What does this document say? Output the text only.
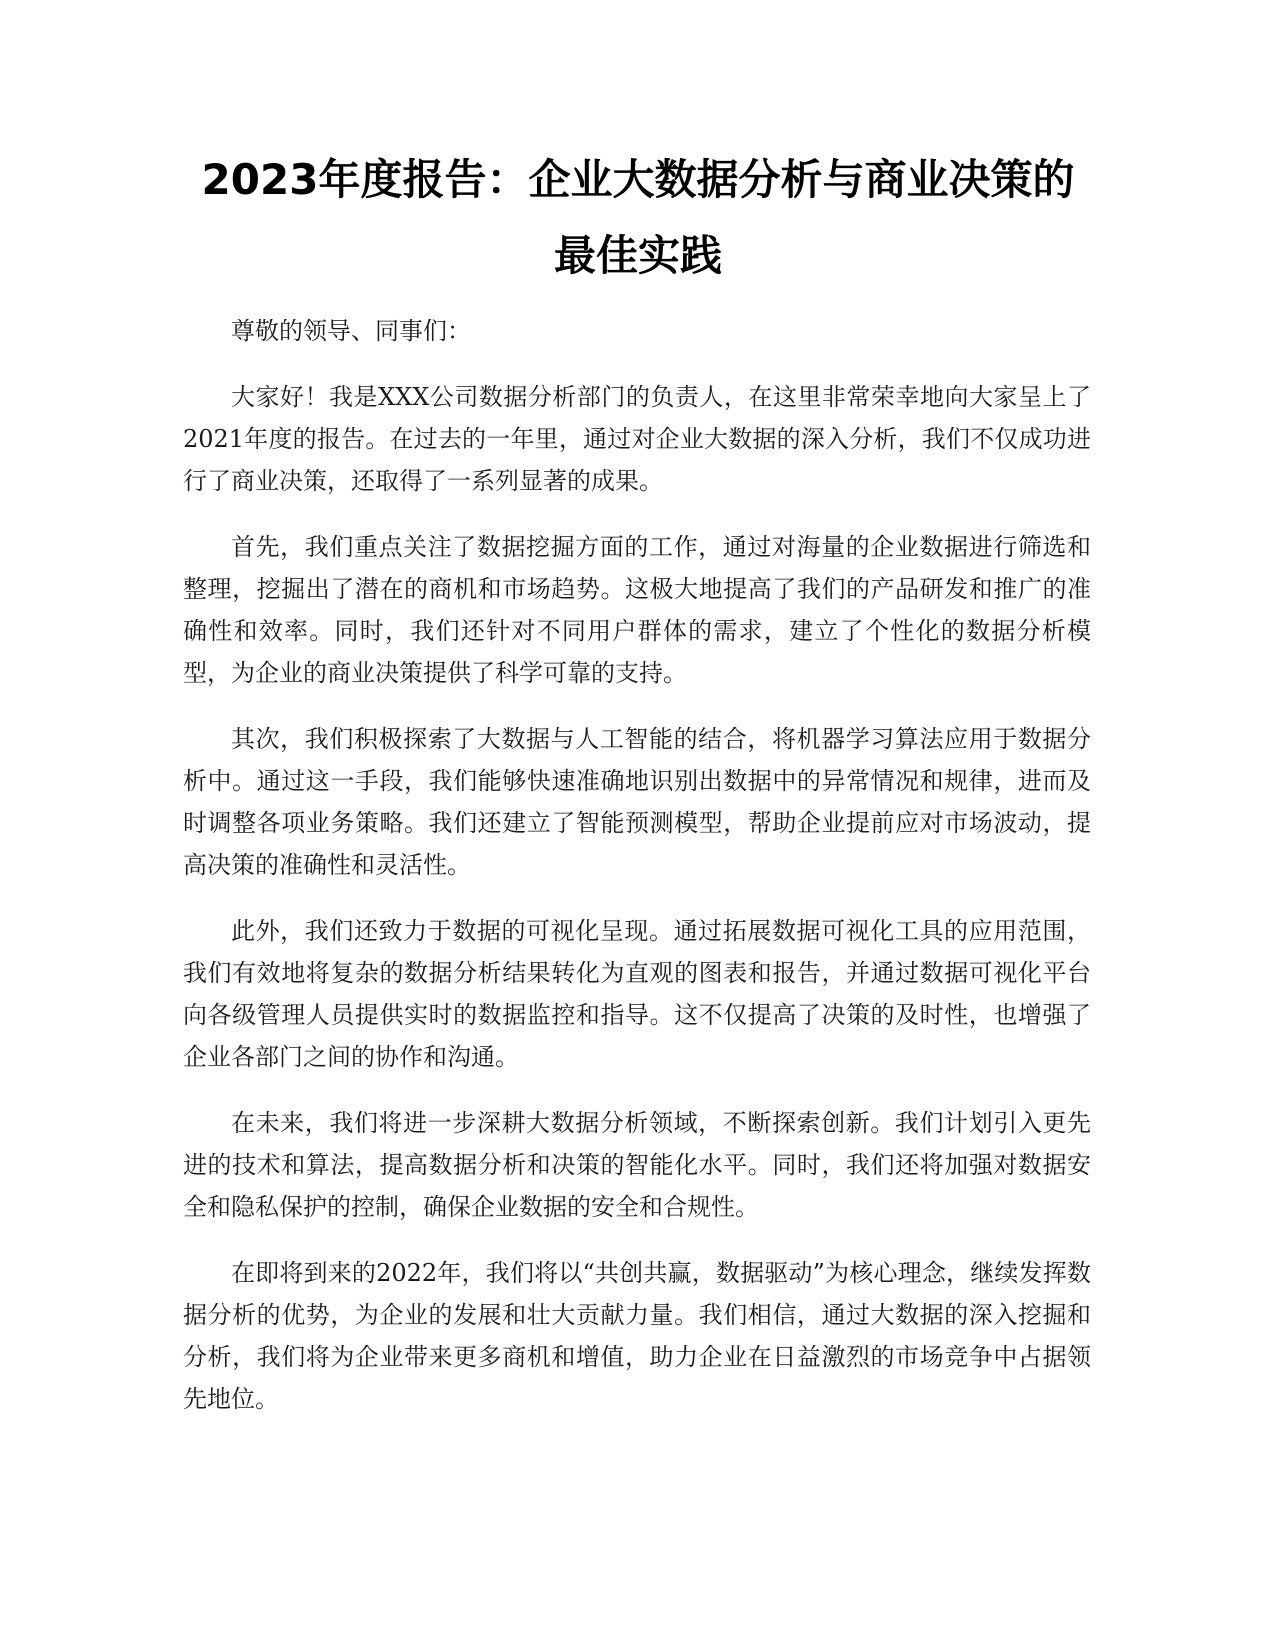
2023年度报告：企业大数据分析与商业决策的最佳实践

尊敬的领导、同事们：

大家好！我是XXX公司数据分析部门的负责人，在这里非常荣幸地向大家呈上了2021年度的报告。在过去的一年里，通过对企业大数据的深入分析，我们不仅成功进行了商业决策，还取得了一系列显著的成果。

首先，我们重点关注了数据挖掘方面的工作，通过对海量的企业数据进行筛选和整理，挖掘出了潜在的商机和市场趋势。这极大地提高了我们的产品研发和推广的准确性和效率。同时，我们还针对不同用户群体的需求，建立了个性化的数据分析模型，为企业的商业决策提供了科学可靠的支持。

其次，我们积极探索了大数据与人工智能的结合，将机器学习算法应用于数据分析中。通过这一手段，我们能够快速准确地识别出数据中的异常情况和规律，进而及时调整各项业务策略。我们还建立了智能预测模型，帮助企业提前应对市场波动，提高决策的准确性和灵活性。

此外，我们还致力于数据的可视化呈现。通过拓展数据可视化工具的应用范围，我们有效地将复杂的数据分析结果转化为直观的图表和报告，并通过数据可视化平台向各级管理人员提供实时的数据监控和指导。这不仅提高了决策的及时性，也增强了企业各部门之间的协作和沟通。

在未来，我们将进一步深耕大数据分析领域，不断探索创新。我们计划引入更先进的技术和算法，提高数据分析和决策的智能化水平。同时，我们还将加强对数据安全和隐私保护的控制，确保企业数据的安全和合规性。

在即将到来的2022年，我们将以“共创共赢，数据驱动”为核心理念，继续发挥数据分析的优势，为企业的发展和壮大贡献力量。我们相信，通过大数据的深入挖掘和分析，我们将为企业带来更多商机和增值，助力企业在日益激烈的市场竞争中占据领先地位。
